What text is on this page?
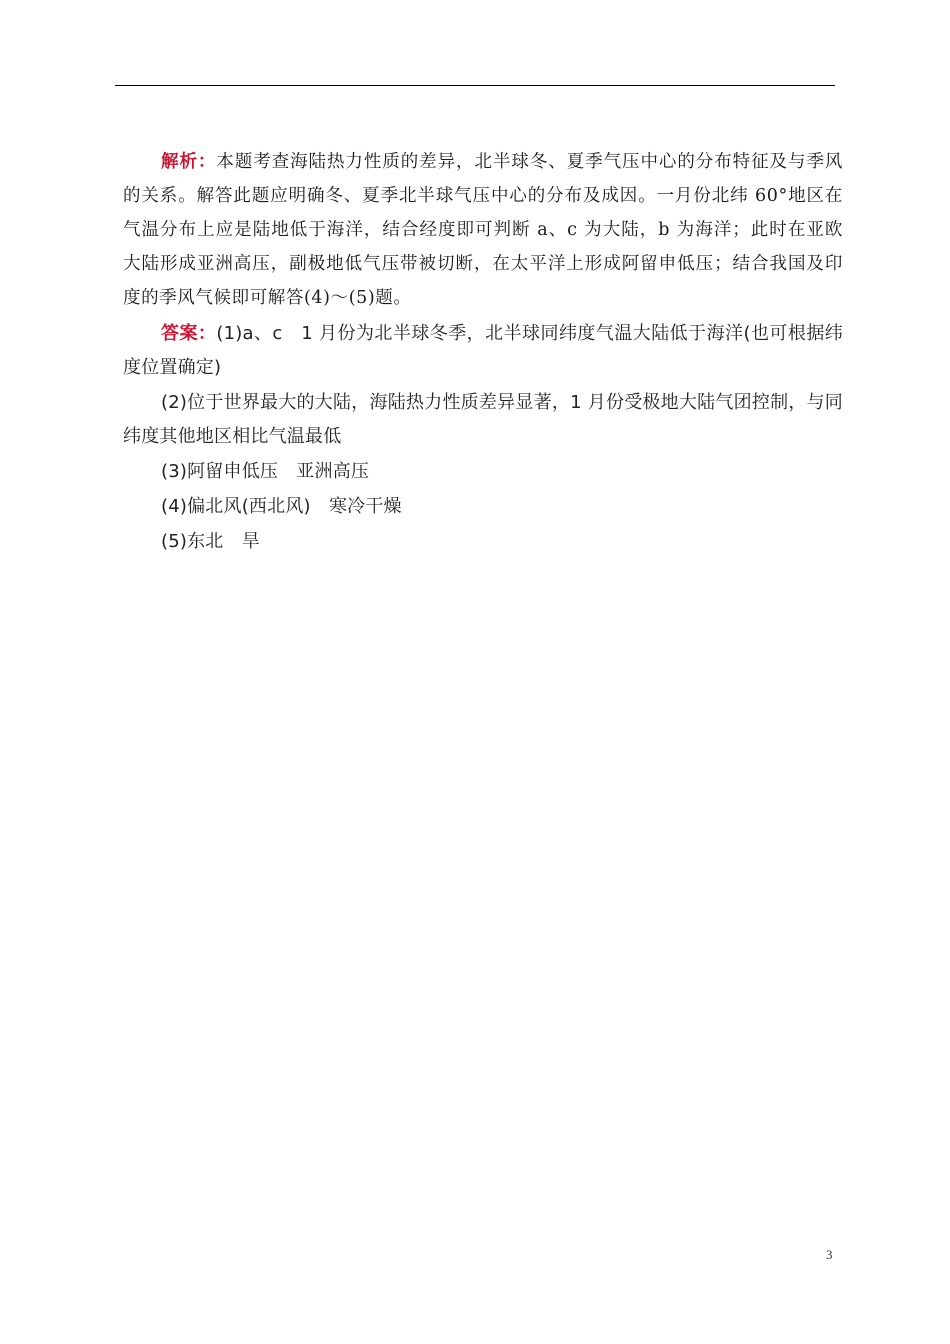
解析：本题考查海陆热力性质的差异，北半球冬、夏季气压中心的分布特征及与季风的关系。解答此题应明确冬、夏季北半球气压中心的分布及成因。一月份北纬 60°地区在气温分布上应是陆地低于海洋，结合经度即可判断 a、c 为大陆，b 为海洋；此时在亚欧大陆形成亚洲高压，副极地低气压带被切断，在太平洋上形成阿留申低压；结合我国及印度的季风气候即可解答(4)～(5)题。

答案：(1)a、c　1 月份为北半球冬季，北半球同纬度气温大陆低于海洋(也可根据纬度位置确定)

(2)位于世界最大的大陆，海陆热力性质差异显著，1 月份受极地大陆气团控制，与同纬度其他地区相比气温最低

(3)阿留申低压　亚洲高压

(4)偏北风(西北风)　寒冷干燥

(5)东北　旱

3
